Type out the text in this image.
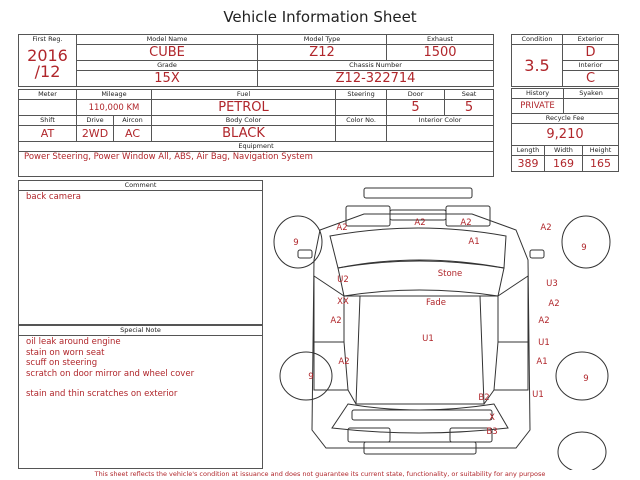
Vehicle Information Sheet
First Reg.
2016
/12	Model Name			Model Type		Exhaust	
	CUBE			Z12		1500	
	Grade			Chassis Number			
	15X			Z12-322714			

Meter	Mileage		Fuel		Steering	Door	Seat
	110,000 KM		PETROL			5	5
Shift	Drive	Aircon	Body Color		Color No.	Interior Color	
AT	2WD	AC	BLACK				
Equipment							
Power Steering, Power Window All, ABS, Air Bag, Navigation System							
Condition	Exterior
3.5	D
	Interior
	C
History		Syaken	
PRIVATE			
Recycle Fee			
9,210			
Length	Width		Height
389	169		165
Comment
back camera
Special Note
oil leak around engine
stain on worn seat
scuff on steering
scratch on door mirror and wheel cover
stain and thin scratches on exterior
A2	A2
A2	A2
A1
9	9
Stone
U2	U3
XX	Fade	A2
A2	A2
U1	U1
A2	A1
9	9
U1
B2
X
B3
This sheet reflects the vehicle's condition at issuance and does not guarantee its current state, functionality, or suitability for any purpose
